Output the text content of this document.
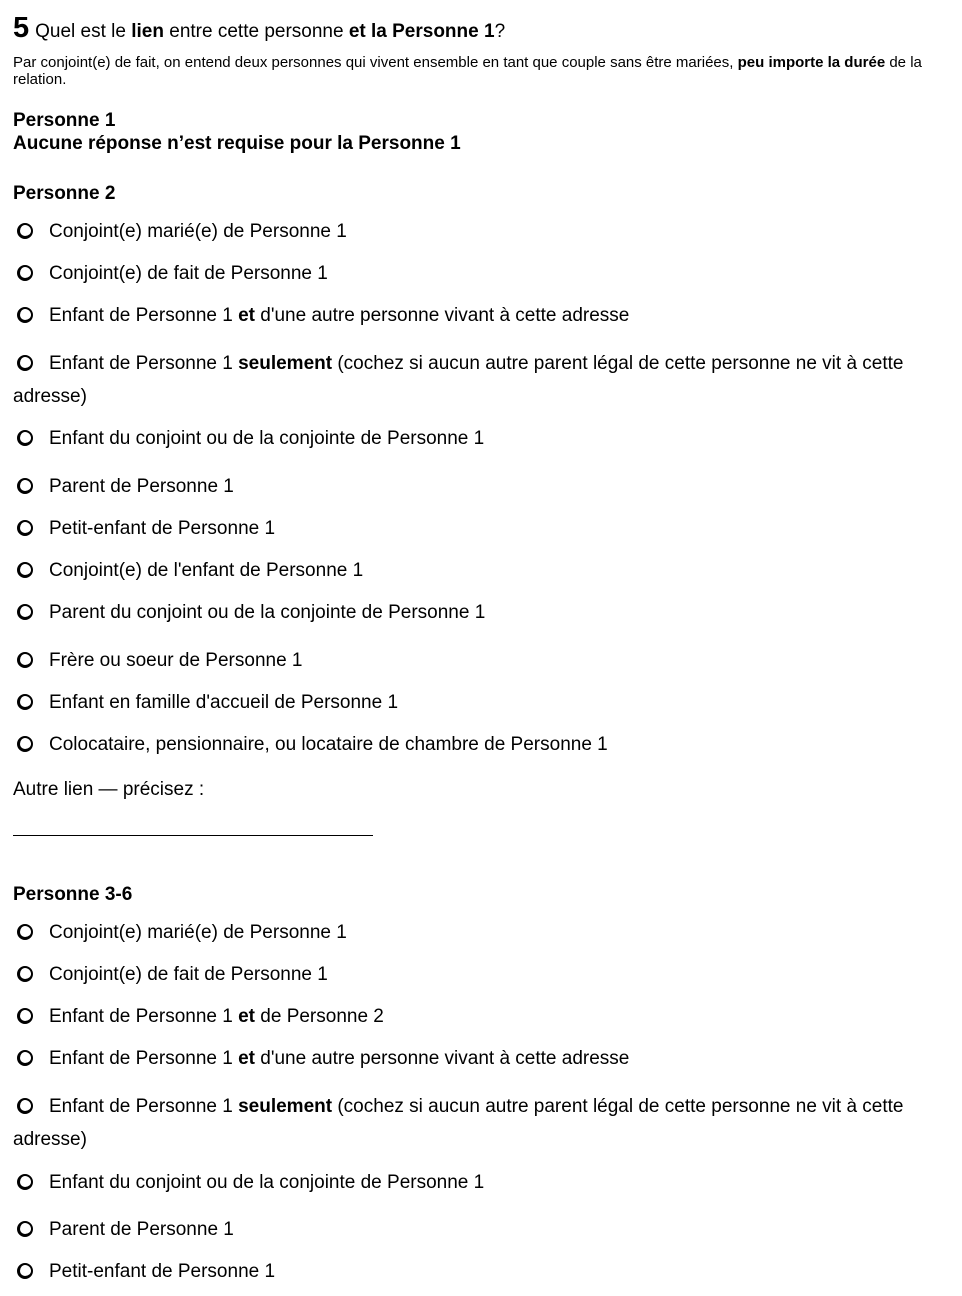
5 Quel est le lien entre cette personne et la Personne 1?
Par conjoint(e) de fait, on entend deux personnes qui vivent ensemble en tant que couple sans être mariées, peu importe la durée de la relation.
Personne 1
Aucune réponse n’est requise pour la Personne 1
Personne 2
Conjoint(e) marié(e) de Personne 1
Conjoint(e) de fait de Personne 1
Enfant de Personne 1 et d'une autre personne vivant à cette adresse
Enfant de Personne 1 seulement (cochez si aucun autre parent légal de cette personne ne vit à cette adresse)
Enfant du conjoint ou de la conjointe de Personne 1
Parent de Personne 1
Petit-enfant de Personne 1
Conjoint(e) de l'enfant de Personne 1
Parent du conjoint ou de la conjointe de Personne 1
Frère ou soeur de Personne 1
Enfant en famille d'accueil de Personne 1
Colocataire, pensionnaire, ou locataire de chambre de Personne 1
Autre lien — précisez :
Personne 3-6
Conjoint(e) marié(e) de Personne 1
Conjoint(e) de fait de Personne 1
Enfant de Personne 1 et de Personne 2
Enfant de Personne 1 et d'une autre personne vivant à cette adresse
Enfant de Personne 1 seulement (cochez si aucun autre parent légal de cette personne ne vit à cette adresse)
Enfant du conjoint ou de la conjointe de Personne 1
Parent de Personne 1
Petit-enfant de Personne 1
